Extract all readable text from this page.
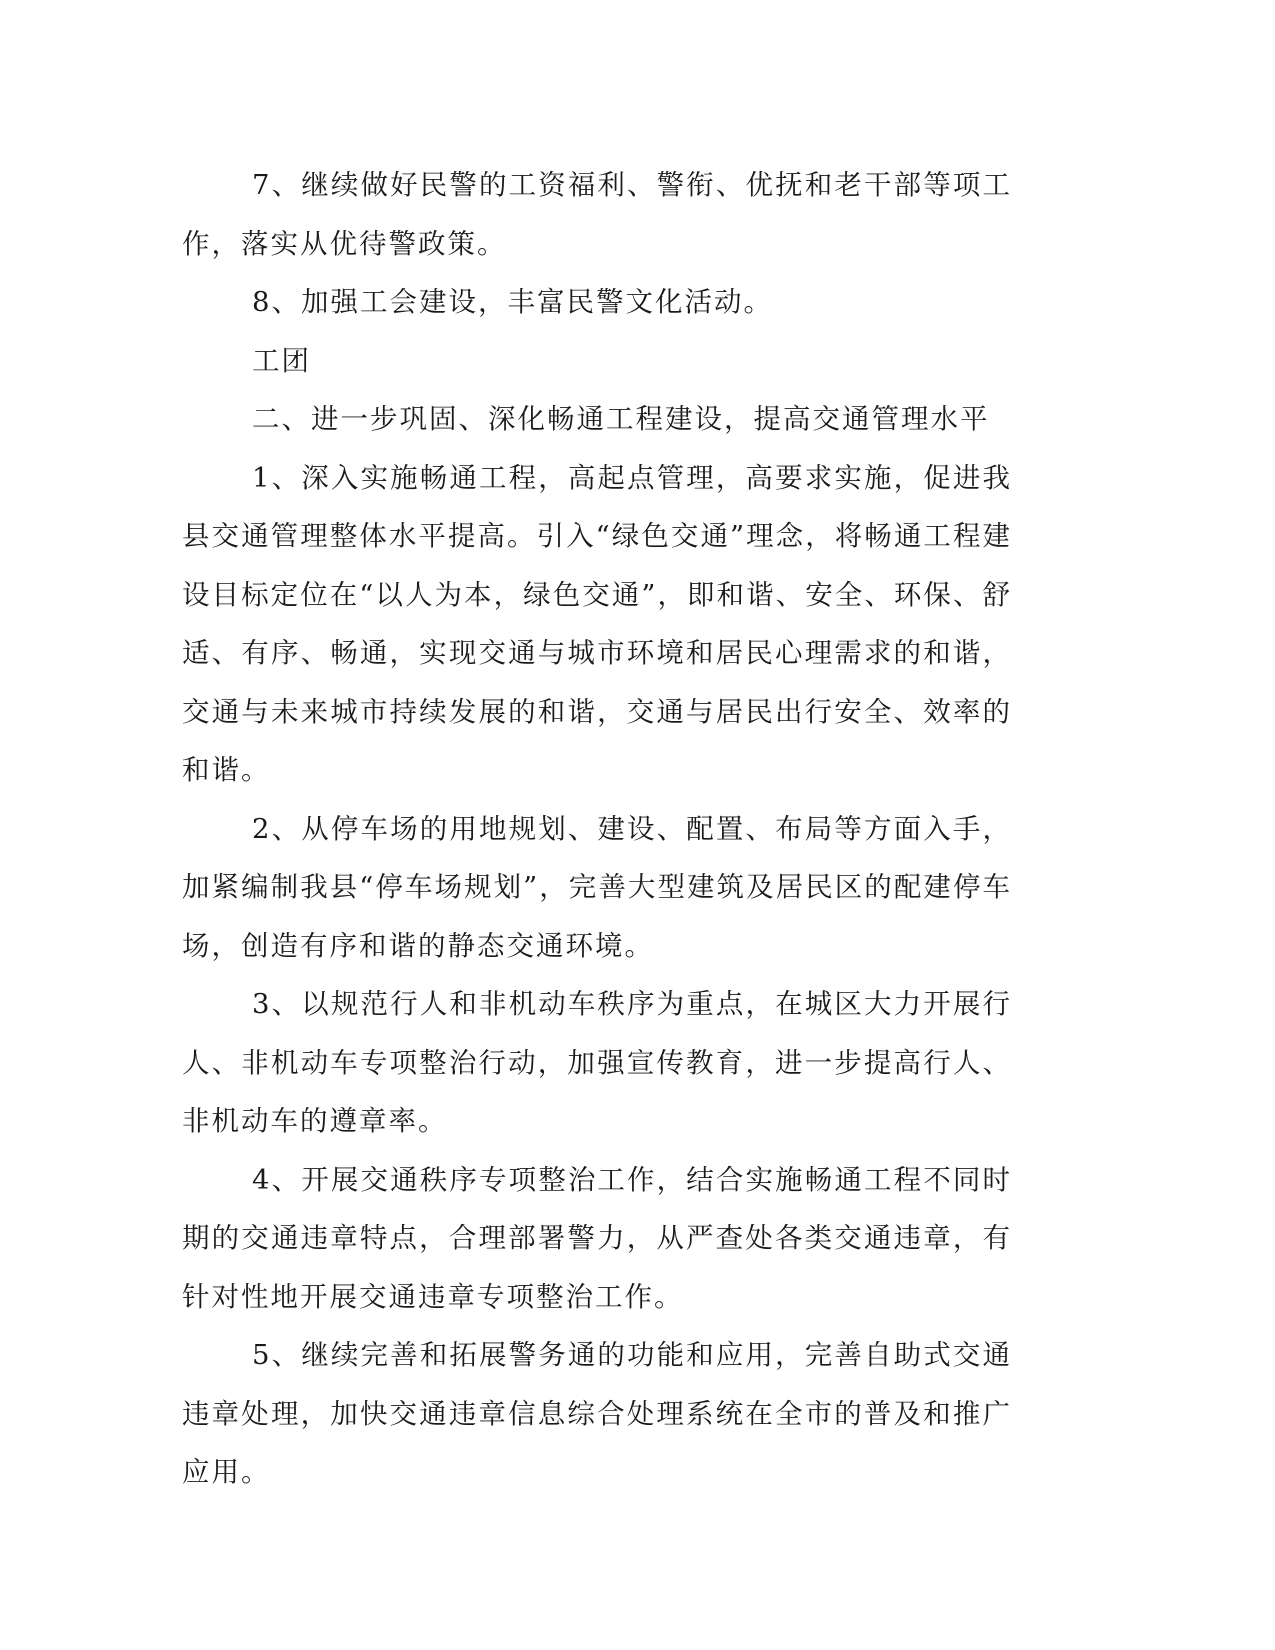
7、继续做好民警的工资福利、警衔、优抚和老干部等项工作，落实从优待警政策。

8、加强工会建设，丰富民警文化活动。

工团

二、进一步巩固、深化畅通工程建设，提高交通管理水平

1、深入实施畅通工程，高起点管理，高要求实施，促进我县交通管理整体水平提高。引入“绿色交通”理念，将畅通工程建设目标定位在“以人为本，绿色交通”，即和谐、安全、环保、舒适、有序、畅通，实现交通与城市环境和居民心理需求的和谐，交通与未来城市持续发展的和谐，交通与居民出行安全、效率的和谐。

2、从停车场的用地规划、建设、配置、布局等方面入手，加紧编制我县“停车场规划”，完善大型建筑及居民区的配建停车场，创造有序和谐的静态交通环境。

3、以规范行人和非机动车秩序为重点，在城区大力开展行人、非机动车专项整治行动，加强宣传教育，进一步提高行人、非机动车的遵章率。

4、开展交通秩序专项整治工作，结合实施畅通工程不同时期的交通违章特点，合理部署警力，从严查处各类交通违章，有针对性地开展交通违章专项整治工作。

5、继续完善和拓展警务通的功能和应用，完善自助式交通违章处理，加快交通违章信息综合处理系统在全市的普及和推广应用。
